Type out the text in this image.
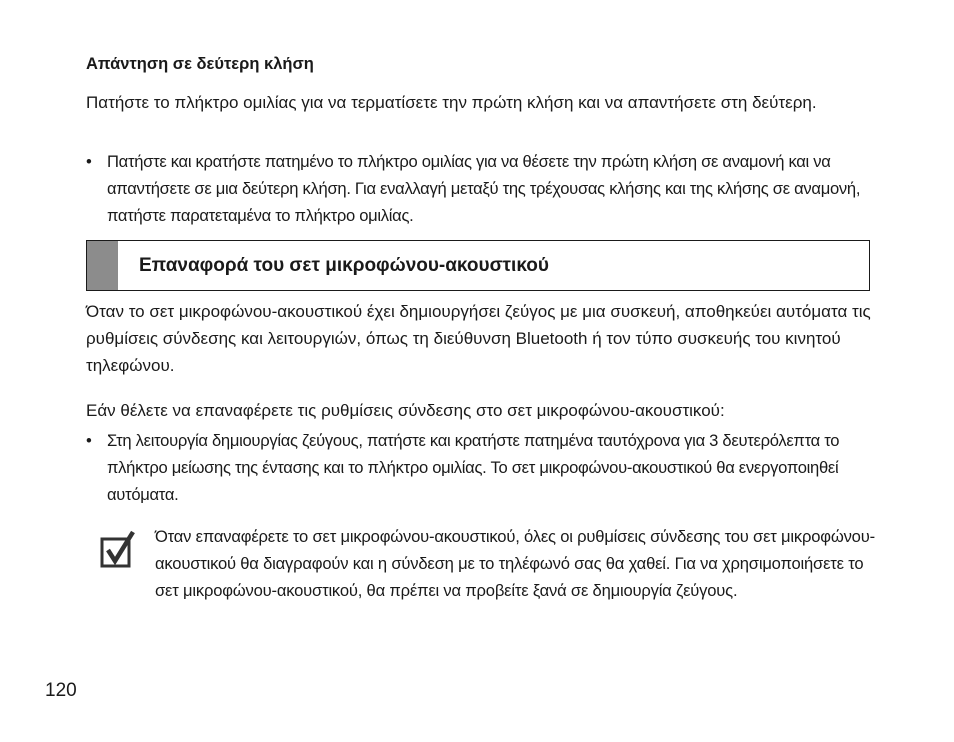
Απάντηση σε δεύτερη κλήση

Πατήστε το πλήκτρο ομιλίας για να τερματίσετε την πρώτη κλήση και να απαντήσετε στη δεύτερη.

• Πατήστε και κρατήστε πατημένο το πλήκτρο ομιλίας για να θέσετε την πρώτη κλήση σε αναμονή και να απαντήσετε σε μια δεύτερη κλήση. Για εναλλαγή μεταξύ της τρέχουσας κλήσης και της κλήσης σε αναμονή, πατήστε παρατεταμένα το πλήκτρο ομιλίας.
Επαναφορά του σετ μικροφώνου-ακουστικού

Όταν το σετ μικροφώνου-ακουστικού έχει δημιουργήσει ζεύγος με μια συσκευή, αποθηκεύει αυτόματα τις ρυθμίσεις σύνδεσης και λειτουργιών, όπως τη διεύθυνση Bluetooth ή τον τύπο συσκευής του κινητού τηλεφώνου.

Εάν θέλετε να επαναφέρετε τις ρυθμίσεις σύνδεσης στο σετ μικροφώνου-ακουστικού:

• Στη λειτουργία δημιουργίας ζεύγους, πατήστε και κρατήστε πατημένα ταυτόχρονα για 3 δευτερόλεπτα το πλήκτρο μείωσης της έντασης και το πλήκτρο ομιλίας. Το σετ μικροφώνου-ακουστικού θα ενεργοποιηθεί αυτόματα.

Όταν επαναφέρετε το σετ μικροφώνου-ακουστικού, όλες οι ρυθμίσεις σύνδεσης του σετ μικροφώνου-ακουστικού θα διαγραφούν και η σύνδεση με το τηλέφωνό σας θα χαθεί. Για να χρησιμοποιήσετε το σετ μικροφώνου-ακουστικού, θα πρέπει να προβείτε ξανά σε δημιουργία ζεύγους.

120
